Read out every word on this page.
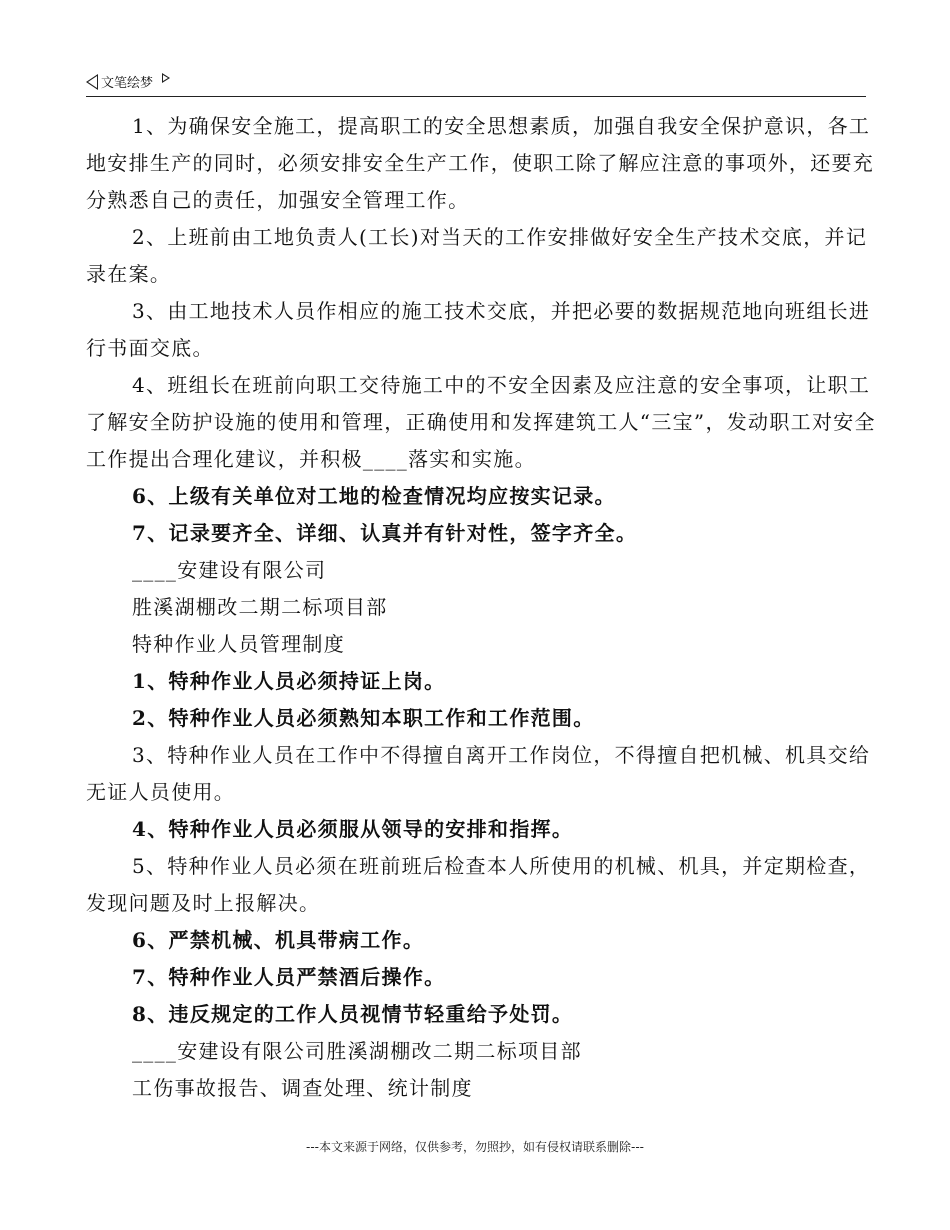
文笔绘梦

1、为确保安全施工，提高职工的安全思想素质，加强自我安全保护意识，各工地安排生产的同时，必须安排安全生产工作，使职工除了解应注意的事项外，还要充分熟悉自己的责任，加强安全管理工作。

2、上班前由工地负责人(工长)对当天的工作安排做好安全生产技术交底，并记录在案。

3、由工地技术人员作相应的施工技术交底，并把必要的数据规范地向班组长进行书面交底。

4、班组长在班前向职工交待施工中的不安全因素及应注意的安全事项，让职工了解安全防护设施的使用和管理，正确使用和发挥建筑工人“三宝”，发动职工对安全工作提出合理化建议，并积极____落实和实施。

6、上级有关单位对工地的检查情况均应按实记录。

7、记录要齐全、详细、认真并有针对性，签字齐全。

____安建设有限公司

胜溪湖棚改二期二标项目部

特种作业人员管理制度

1、特种作业人员必须持证上岗。

2、特种作业人员必须熟知本职工作和工作范围。

3、特种作业人员在工作中不得擅自离开工作岗位，不得擅自把机械、机具交给无证人员使用。

4、特种作业人员必须服从领导的安排和指挥。

5、特种作业人员必须在班前班后检查本人所使用的机械、机具，并定期检查，发现问题及时上报解决。

6、严禁机械、机具带病工作。

7、特种作业人员严禁酒后操作。

8、违反规定的工作人员视情节轻重给予处罚。

____安建设有限公司胜溪湖棚改二期二标项目部

工伤事故报告、调查处理、统计制度

---本文来源于网络，仅供参考，勿照抄，如有侵权请联系删除---
